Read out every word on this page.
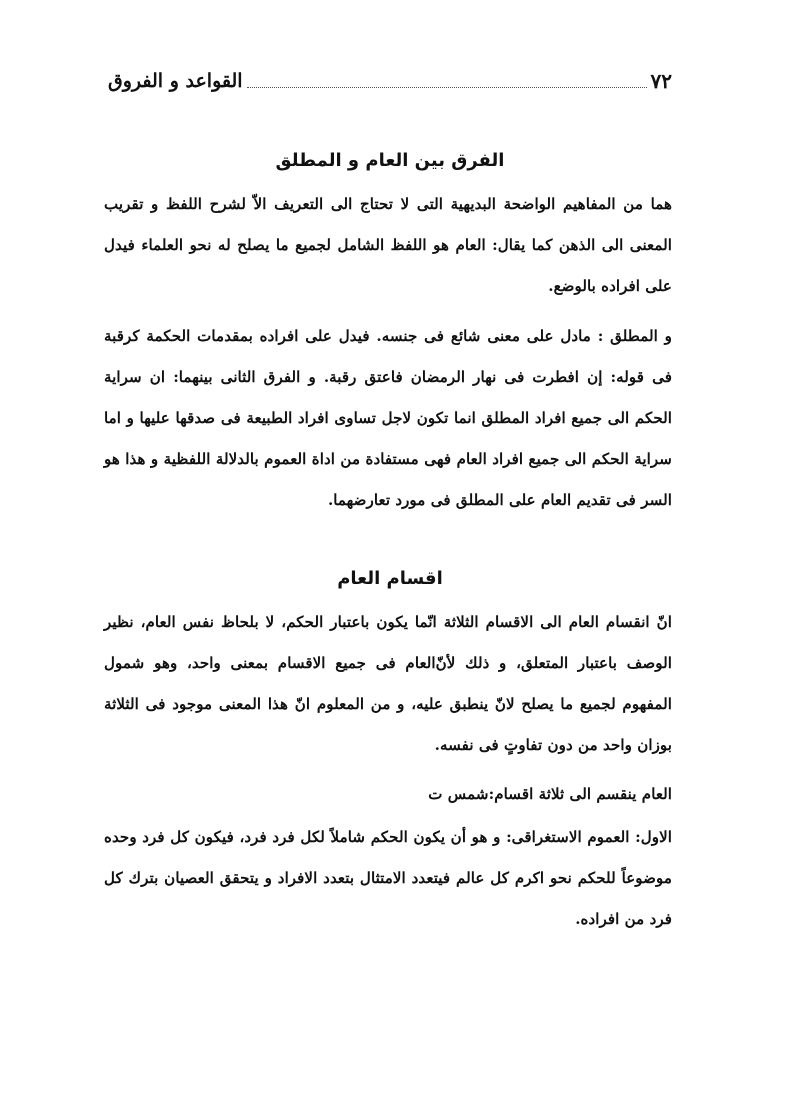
٧٢
القواعد و الفروق
الفرق بين العام و المطلق

هما من المفاهيم الواضحة البديهية التى لا تحتاج الى التعريف الاّ لشرح اللفظ و تقريب المعنى الى الذهن كما يقال: العام هو اللفظ الشامل لجميع ما يصلح له نحو العلماء فيدل على افراده بالوضع.

و المطلق : مادل على معنى شائع فى جنسه. فيدل على افراده بمقدمات الحكمة كرقبة فى قوله: إن افطرت فى نهار الرمضان فاعتق رقبة. و الفرق الثانى بينهما: ان سراية الحكم الى جميع افراد المطلق انما تكون لاجل تساوى افراد الطبيعة فى صدقها عليها و اما سراية الحكم الى جميع افراد العام فهى مستفادة من اداة العموم بالدلالة اللفظية و هذا هو السر فى تقديم العام على المطلق فى مورد تعارضهما.

اقسام العام

انّ انقسام العام الى الاقسام الثلاثة انّما يكون باعتبار الحكم، لا بلحاظ نفس العام، نظير الوصف باعتبار المتعلق، و ذلك لأنّ‌العام فى جميع الاقسام بمعنى واحد، وهو شمول المفهوم لجميع ما يصلح لانّ ينطبق عليه، و من المعلوم انّ هذا المعنى موجود فى الثلاثة بوزان واحد من دون تفاوتٍ فى نفسه.

العام ينقسم الى ثلاثة اقسام:شمس ت

الاول: العموم الاستغراقى: و هو أن يكون الحكم شاملاً لكل فرد فرد، فيكون كل فرد وحده موضوعاً للحكم نحو اكرم كل عالم فيتعدد الامتثال بتعدد الافراد و يتحقق العصيان بترك كل فرد من افراده.
